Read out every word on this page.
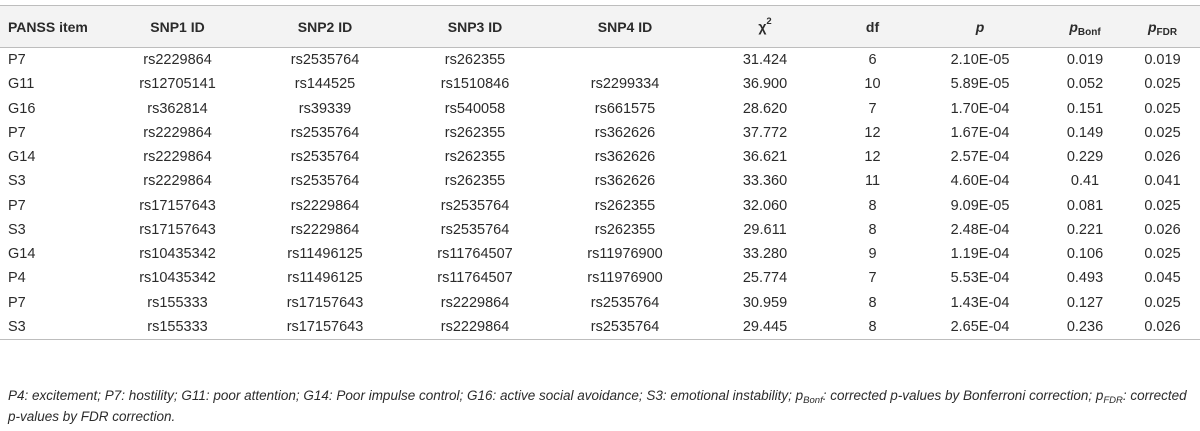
PANSS item	SNP1 ID	SNP2 ID	SNP3 ID	SNP4 ID	$\chi^2$	df	p	$p_{Bonf}$	$p_{FDR}$
P7	rs2229864	rs2535764	rs262355		31.424	6	2.10E-05	0.019	0.019
G11	rs12705141	rs144525	rs1510846	rs2299334	36.900	10	5.89E-05	0.052	0.025
G16	rs362814	rs39339	rs540058	rs661575	28.620	7	1.70E-04	0.151	0.025
P7	rs2229864	rs2535764	rs262355	rs362626	37.772	12	1.67E-04	0.149	0.025
G14	rs2229864	rs2535764	rs262355	rs362626	36.621	12	2.57E-04	0.229	0.026
S3	rs2229864	rs2535764	rs262355	rs362626	33.360	11	4.60E-04	0.41	0.041
P7	rs17157643	rs2229864	rs2535764	rs262355	32.060	8	9.09E-05	0.081	0.025
S3	rs17157643	rs2229864	rs2535764	rs262355	29.611	8	2.48E-04	0.221	0.026
G14	rs10435342	rs11496125	rs11764507	rs11976900	33.280	9	1.19E-04	0.106	0.025
P4	rs10435342	rs11496125	rs11764507	rs11976900	25.774	7	5.53E-04	0.493	0.045
P7	rs155333	rs17157643	rs2229864	rs2535764	30.959	8	1.43E-04	0.127	0.025
S3	rs155333	rs17157643	rs2229864	rs2535764	29.445	8	2.65E-04	0.236	0.026
P4: excitement; P7: hostility; G11: poor attention; G14: Poor impulse control; G16: active social avoidance; S3: emotional instability; $p_{Bonf}$: corrected p-values by Bonferroni correction; $p_{FDR}$: corrected p-values by FDR correction.
